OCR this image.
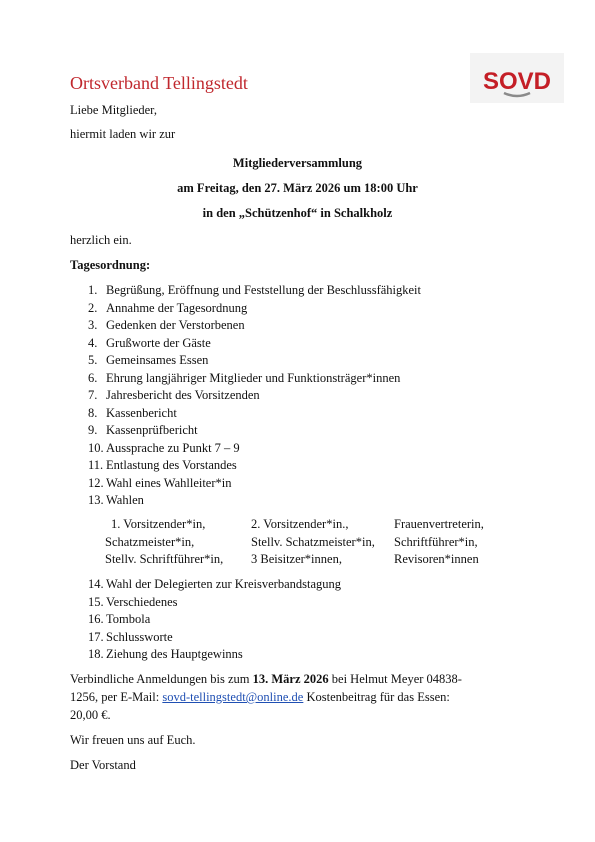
Ortsverband Tellingstedt	SOVD
Liebe Mitglieder,
hiermit laden wir zur
Mitgliederversammlung
am Freitag, den 27. März 2026 um 18:00 Uhr
in den „Schützenhof“ in Schalkholz
herzlich ein.
Tagesordnung:
1. Begrüßung, Eröffnung und Feststellung der Beschlussfähigkeit
2. Annahme der Tagesordnung
3. Gedenken der Verstorbenen
4. Grußworte der Gäste
5. Gemeinsames Essen
6. Ehrung langjähriger Mitglieder und Funktionsträger*innen
7. Jahresbericht des Vorsitzenden
8. Kassenbericht
9. Kassenprüfbericht
10. Aussprache zu Punkt 7 – 9
11. Entlastung des Vorstandes
12. Wahl eines Wahlleiter*in
13. Wahlen
1. Vorsitzender*in,
Schatzmeister*in,
Stellv. Schriftführer*in,
2. Vorsitzender*in.,
Stellv. Schatzmeister*in,
3 Beisitzer*innen,
Frauenvertreterin,
Schriftführer*in,
Revisoren*innen
14. Wahl der Delegierten zur Kreisverbandstagung
15. Verschiedenes
16. Tombola
17. Schlussworte
18. Ziehung des Hauptgewinns
Verbindliche Anmeldungen bis zum 13. März 2026 bei Helmut Meyer 04838-
1256, per E-Mail: sovd-tellingstedt@online.de Kostenbeitrag für das Essen:
20,00 €.
Wir freuen uns auf Euch.
Der Vorstand
